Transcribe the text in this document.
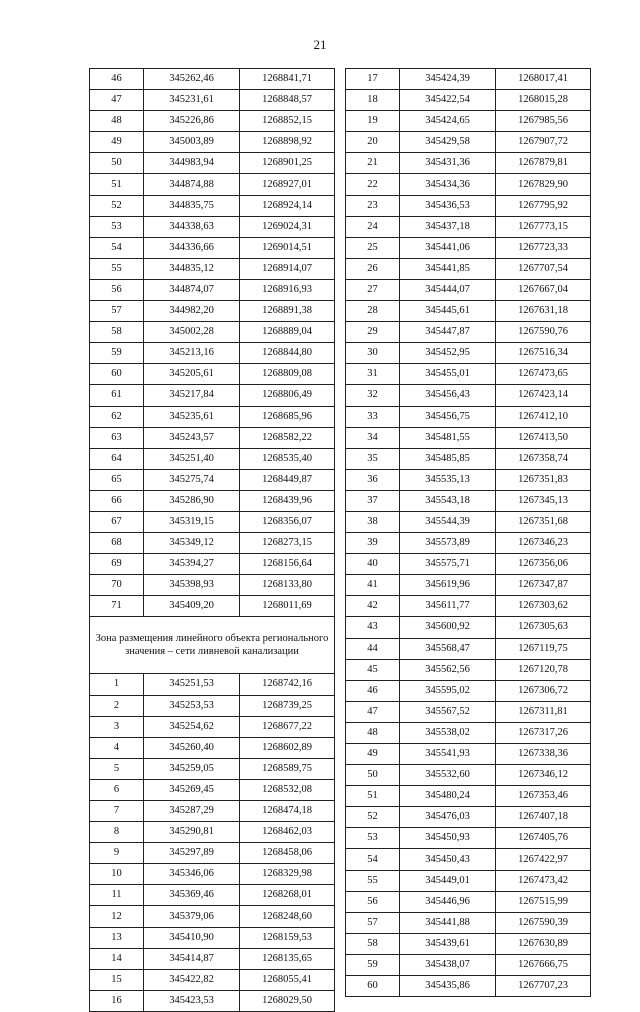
21
46	345262,46	1268841,71
47	345231,61	1268848,57
48	345226,86	1268852,15
49	345003,89	1268898,92
50	344983,94	1268901,25
51	344874,88	1268927,01
52	344835,75	1268924,14
53	344338,63	1269024,31
54	344336,66	1269014,51
55	344835,12	1268914,07
56	344874,07	1268916,93
57	344982,20	1268891,38
58	345002,28	1268889,04
59	345213,16	1268844,80
60	345205,61	1268809,08
61	345217,84	1268806,49
62	345235,61	1268685,96
63	345243,57	1268582,22
64	345251,40	1268535,40
65	345275,74	1268449,87
66	345286,90	1268439,96
67	345319,15	1268356,07
68	345349,12	1268273,15
69	345394,27	1268156,64
70	345398,93	1268133,80
71	345409,20	1268011,69
Зона размещения линейного объекта регионального значения – сети ливневой канализации		
1	345251,53	1268742,16
2	345253,53	1268739,25
3	345254,62	1268677,22
4	345260,40	1268602,89
5	345259,05	1268589,75
6	345269,45	1268532,08
7	345287,29	1268474,18
8	345290,81	1268462,03
9	345297,89	1268458,06
10	345346,06	1268329,98
11	345369,46	1268268,01
12	345379,06	1268248,60
13	345410,90	1268159,53
14	345414,87	1268135,65
15	345422,82	1268055,41
16	345423,53	1268029,50
17	345424,39	1268017,41
18	345422,54	1268015,28
19	345424,65	1267985,56
20	345429,58	1267907,72
21	345431,36	1267879,81
22	345434,36	1267829,90
23	345436,53	1267795,92
24	345437,18	1267773,15
25	345441,06	1267723,33
26	345441,85	1267707,54
27	345444,07	1267667,04
28	345445,61	1267631,18
29	345447,87	1267590,76
30	345452,95	1267516,34
31	345455,01	1267473,65
32	345456,43	1267423,14
33	345456,75	1267412,10
34	345481,55	1267413,50
35	345485,85	1267358,74
36	345535,13	1267351,83
37	345543,18	1267345,13
38	345544,39	1267351,68
39	345573,89	1267346,23
40	345575,71	1267356,06
41	345619,96	1267347,87
42	345611,77	1267303,62
43	345600,92	1267305,63
44	345568,47	1267119,75
45	345562,56	1267120,78
46	345595,02	1267306,72
47	345567,52	1267311,81
48	345538,02	1267317,26
49	345541,93	1267338,36
50	345532,60	1267346,12
51	345480,24	1267353,46
52	345476,03	1267407,18
53	345450,93	1267405,76
54	345450,43	1267422,97
55	345449,01	1267473,42
56	345446,96	1267515,99
57	345441,88	1267590,39
58	345439,61	1267630,89
59	345438,07	1267666,75
60	345435,86	1267707,23
